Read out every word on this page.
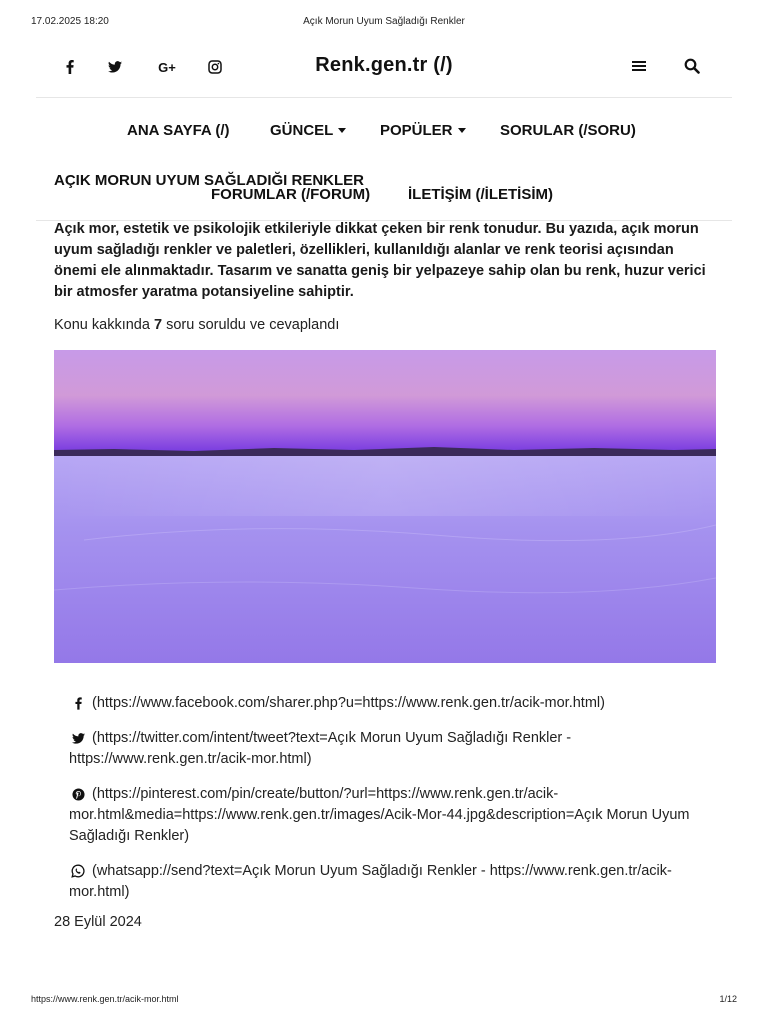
17.02.2025 18:20	Açık Morun Uyum Sağladığı Renkler
G+	Renk.gen.tr (/)
ANA SAYFA (/)	GÜNCEL	POPÜLER	SORULAR (/SORU)
FORUMLAR (/FORUM)	İLETİŞİM (/İLETİSİM)
AÇIK MORUN UYUM SAĞLADIĞI RENKLER

Açık mor, estetik ve psikolojik etkileriyle dikkat çeken bir renk tonudur. Bu yazıda, açık morun uyum sağladığı renkler ve paletleri, özellikleri, kullanıldığı alanlar ve renk teorisi açısından önemi ele alınmaktadır. Tasarım ve sanatta geniş bir yelpazeye sahip olan bu renk, huzur verici bir atmosfer yaratma potansiyeline sahiptir.

Konu kakkında 7 soru soruldu ve cevaplandı

(https://www.facebook.com/sharer.php?u=https://www.renk.gen.tr/acik-mor.html)
(https://twitter.com/intent/tweet?text=Açık Morun Uyum Sağladığı Renkler - https://www.renk.gen.tr/acik-mor.html)
(https://pinterest.com/pin/create/button/?url=https://www.renk.gen.tr/acik-mor.html&media=https://www.renk.gen.tr/images/Acik-Mor-44.jpg&description=Açık Morun Uyum Sağladığı Renkler)
(whatsapp://send?text=Açık Morun Uyum Sağladığı Renkler - https://www.renk.gen.tr/acik-mor.html)

28 Eylül 2024

https://www.renk.gen.tr/acik-mor.html	1/12
